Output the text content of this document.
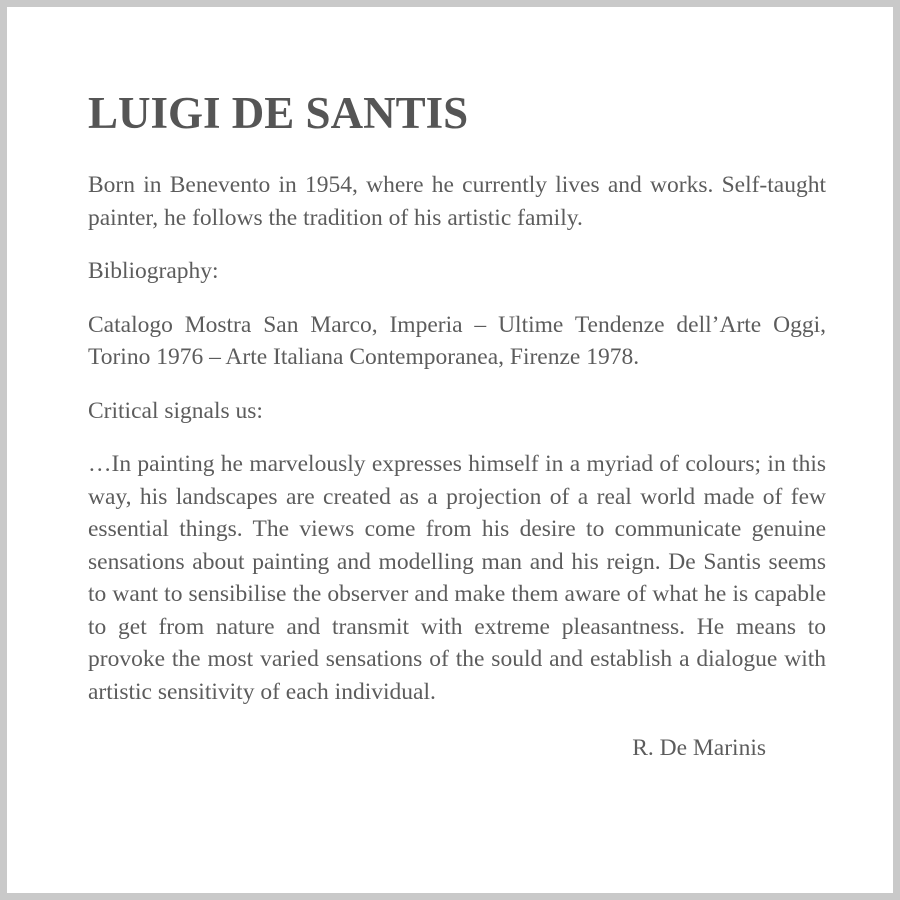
LUIGI DE SANTIS

Born in Benevento in 1954, where he currently lives and works. Self-taught painter, he follows the tradition of his artistic family.

Bibliography:

Catalogo Mostra San Marco, Imperia – Ultime Tendenze dell’Arte Oggi, Torino 1976 – Arte Italiana Contemporanea, Firenze 1978.

Critical signals us:

…In painting he marvelously expresses himself in a myriad of colours; in this way, his landscapes are created as a projection of a real world made of few essential things. The views come from his desire to communicate genuine sensations about painting and modelling man and his reign. De Santis seems to want to sensibilise the observer and make them aware of what he is capable to get from nature and transmit with extreme pleasantness. He means to provoke the most varied sensations of the sould and establish a dialogue with artistic sensitivity of each individual.

R. De Marinis
